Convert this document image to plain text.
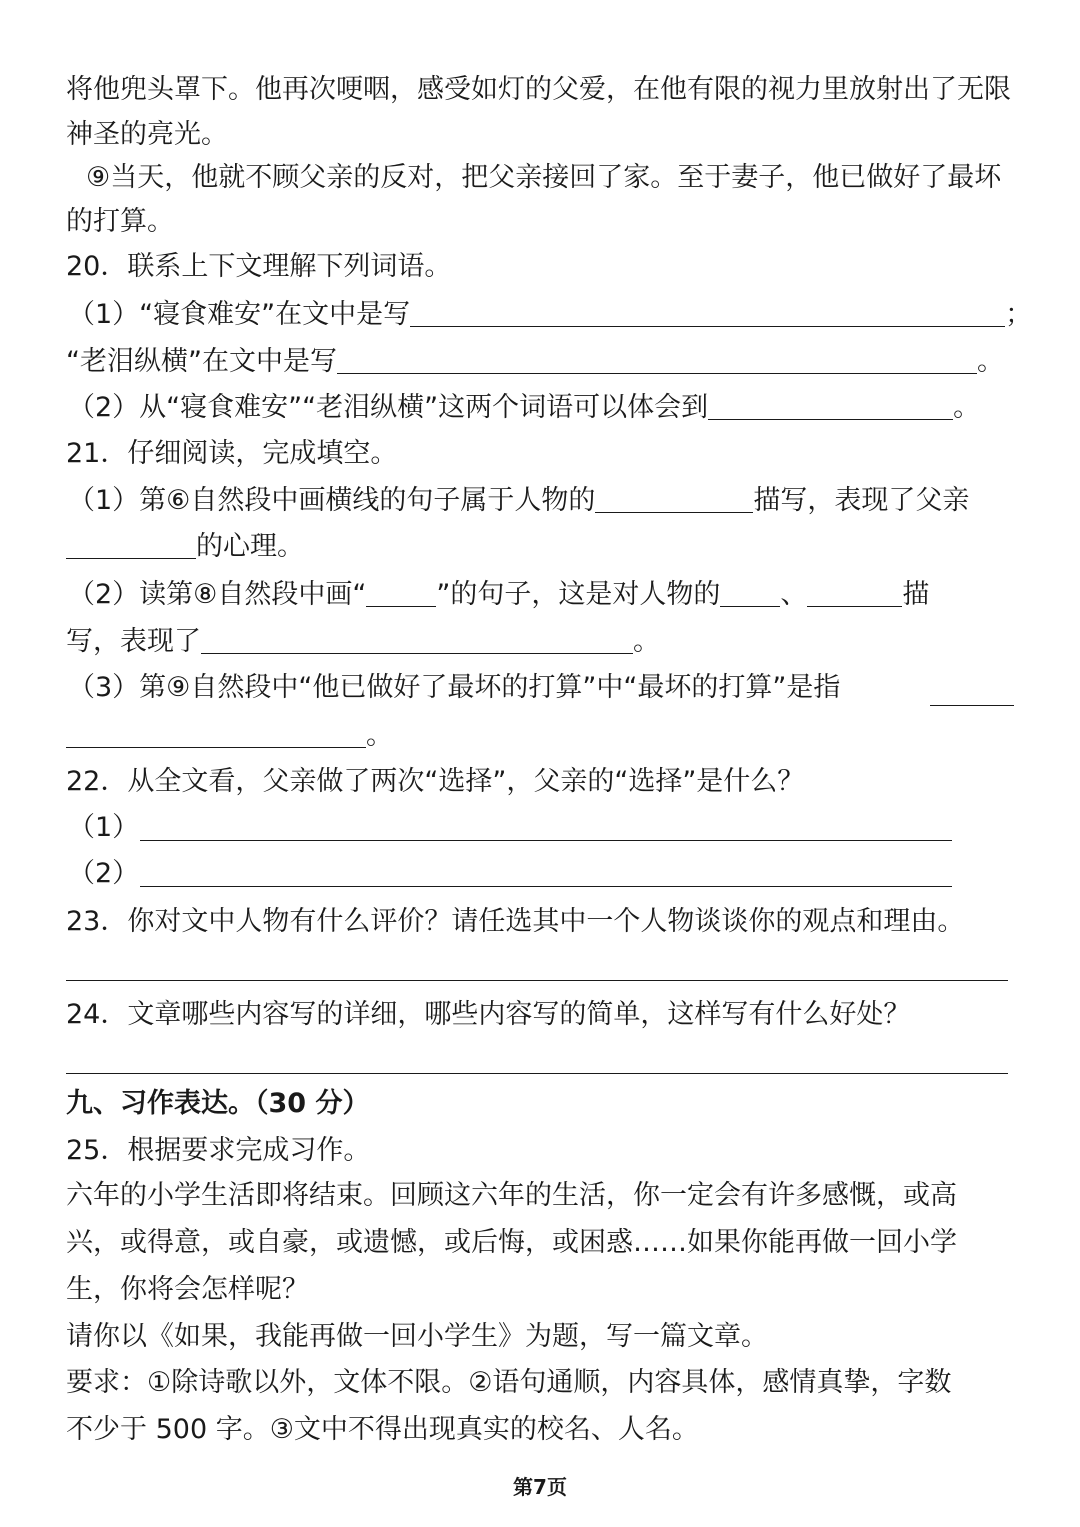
将他兜头罩下。他再次哽咽，感受如灯的父爱，在他有限的视力里放射出了无限
神圣的亮光。
⑨当天，他就不顾父亲的反对，把父亲接回了家。至于妻子，他已做好了最坏
的打算。
20．联系上下文理解下列词语。
（1）“寝食难安”在文中是写	；
“老泪纵横”在文中是写	。
（2）从“寝食难安”“老泪纵横”这两个词语可以体会到	。
21．仔细阅读，完成填空。
（1）第⑥自然段中画横线的句子属于人物的	描写，表现了父亲
的心理。
（2）读第⑧自然段中画“	”的句子，这是对人物的 、	描
写，表现了	。
（3）第⑨自然段中“他已做好了最坏的打算”中“最坏的打算”是指
。
22．从全文看，父亲做了两次“选择”，父亲的“选择”是什么？
（1）
（2）
23．你对文中人物有什么评价？请任选其中一个人物谈谈你的观点和理由。
24．文章哪些内容写的详细，哪些内容写的简单，这样写有什么好处？
九、习作表达。（30 分）
25．根据要求完成习作。
六年的小学生活即将结束。回顾这六年的生活，你一定会有许多感慨，或高
兴，或得意，或自豪，或遗憾，或后悔，或困惑……如果你能再做一回小学
生，你将会怎样呢？
请你以《如果，我能再做一回小学生》为题，写一篇文章。
要求：①除诗歌以外，文体不限。②语句通顺，内容具体，感情真挚，字数
不少于 500 字。③文中不得出现真实的校名、人名。
第7页
